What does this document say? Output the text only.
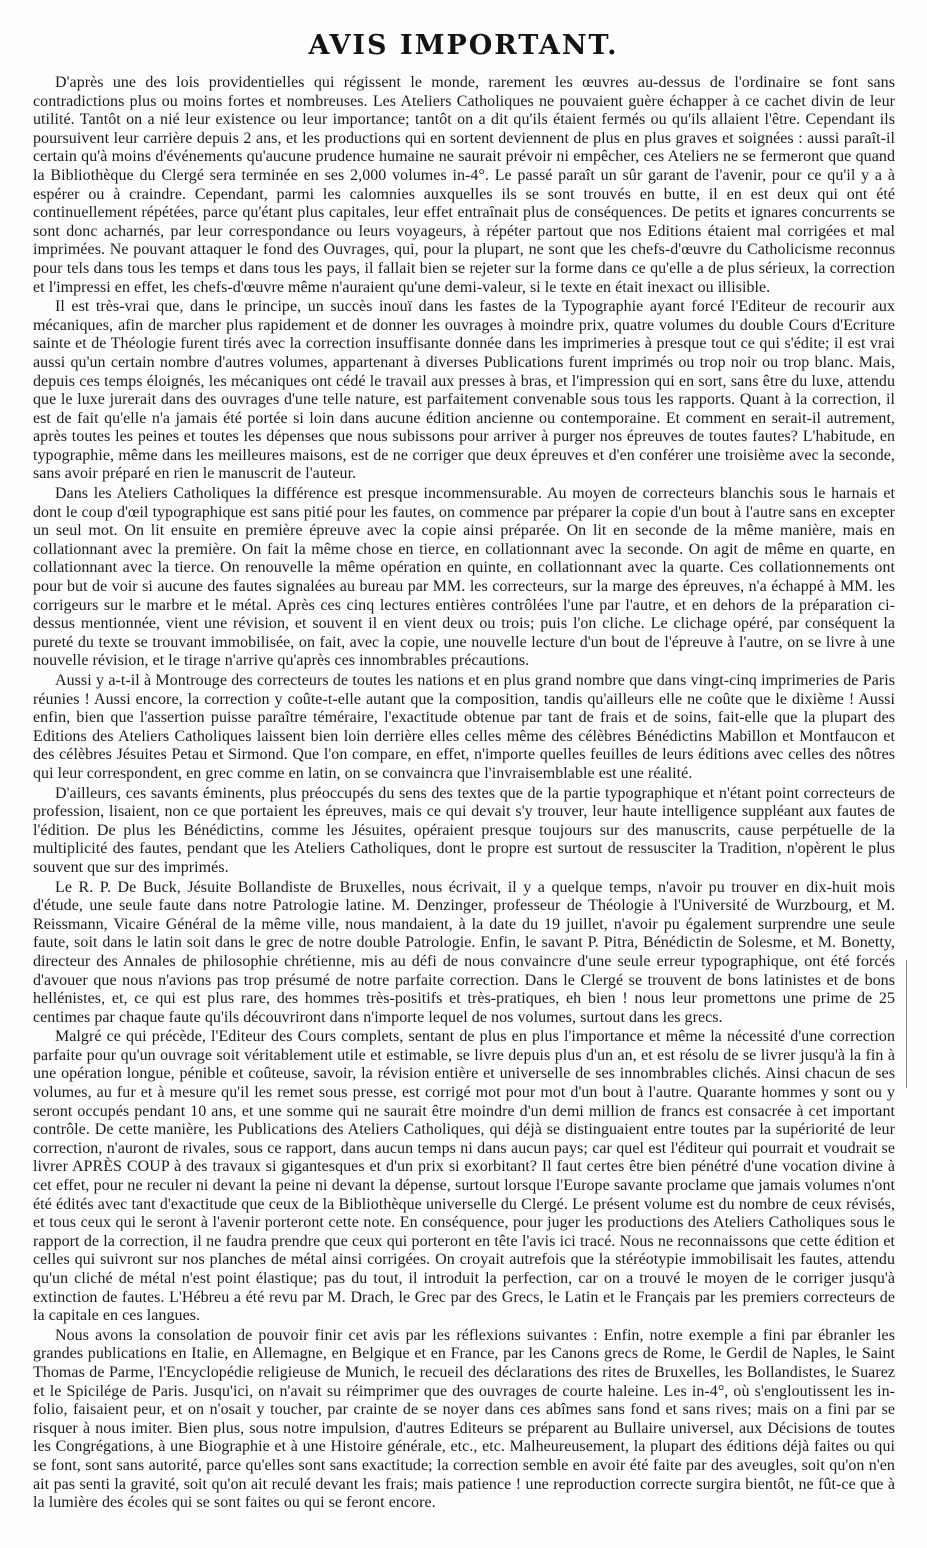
AVIS IMPORTANT.

D'après une des lois providentielles qui régissent le monde, rarement les œuvres au-dessus de l'ordinaire se font sans contradictions plus ou moins fortes et nombreuses. Les Ateliers Catholiques ne pouvaient guère échapper à ce cachet divin de leur utilité. Tantôt on a nié leur existence ou leur importance; tantôt on a dit qu'ils étaient fermés ou qu'ils allaient l'être. Cependant ils poursuivent leur carrière depuis 2 ans, et les productions qui en sortent deviennent de plus en plus graves et soignées : aussi paraît-il certain qu'à moins d'événements qu'aucune prudence humaine ne saurait prévoir ni empêcher, ces Ateliers ne se fermeront que quand la Bibliothèque du Clergé sera terminée en ses 2,000 volumes in-4°. Le passé paraît un sûr garant de l'avenir, pour ce qu'il y a à espérer ou à craindre. Cependant, parmi les calomnies auxquelles ils se sont trouvés en butte, il en est deux qui ont été continuellement répétées, parce qu'étant plus capitales, leur effet entraînait plus de conséquences. De petits et ignares concurrents se sont donc acharnés, par leur correspondance ou leurs voyageurs, à répéter partout que nos Editions étaient mal corrigées et mal imprimées. Ne pouvant attaquer le fond des Ouvrages, qui, pour la plupart, ne sont que les chefs-d'œuvre du Catholicisme reconnus pour tels dans tous les temps et dans tous les pays, il fallait bien se rejeter sur la forme dans ce qu'elle a de plus sérieux, la correction et l'impressi en effet, les chefs-d'œuvre même n'auraient qu'une demi-valeur, si le texte en était inexact ou illisible.

Il est très-vrai que, dans le principe, un succès inouï dans les fastes de la Typographie ayant forcé l'Editeur de recourir aux mécaniques, afin de marcher plus rapidement et de donner les ouvrages à moindre prix, quatre volumes du double Cours d'Ecriture sainte et de Théologie furent tirés avec la correction insuffisante donnée dans les imprimeries à presque tout ce qui s'édite; il est vrai aussi qu'un certain nombre d'autres volumes, appartenant à diverses Publications furent imprimés ou trop noir ou trop blanc. Mais, depuis ces temps éloignés, les mécaniques ont cédé le travail aux presses à bras, et l'impression qui en sort, sans être du luxe, attendu que le luxe jurerait dans des ouvrages d'une telle nature, est parfaitement convenable sous tous les rapports. Quant à la correction, il est de fait qu'elle n'a jamais été portée si loin dans aucune édition ancienne ou contemporaine. Et comment en serait-il autrement, après toutes les peines et toutes les dépenses que nous subissons pour arriver à purger nos épreuves de toutes fautes? L'habitude, en typographie, même dans les meilleures maisons, est de ne corriger que deux épreuves et d'en conférer une troisième avec la seconde, sans avoir préparé en rien le manuscrit de l'auteur.

Dans les Ateliers Catholiques la différence est presque incommensurable. Au moyen de correcteurs blanchis sous le harnais et dont le coup d'œil typographique est sans pitié pour les fautes, on commence par préparer la copie d'un bout à l'autre sans en excepter un seul mot. On lit ensuite en première épreuve avec la copie ainsi préparée. On lit en seconde de la même manière, mais en collationnant avec la première. On fait la même chose en tierce, en collationnant avec la seconde. On agit de même en quarte, en collationnant avec la tierce. On renouvelle la même opération en quinte, en collationnant avec la quarte. Ces collationnements ont pour but de voir si aucune des fautes signalées au bureau par MM. les correcteurs, sur la marge des épreuves, n'a échappé à MM. les corrigeurs sur le marbre et le métal. Après ces cinq lectures entières contrôlées l'une par l'autre, et en dehors de la préparation ci-dessus mentionnée, vient une révision, et souvent il en vient deux ou trois; puis l'on cliche. Le clichage opéré, par conséquent la pureté du texte se trouvant immobilisée, on fait, avec la copie, une nouvelle lecture d'un bout de l'épreuve à l'autre, on se livre à une nouvelle révision, et le tirage n'arrive qu'après ces innombrables précautions.

Aussi y a-t-il à Montrouge des correcteurs de toutes les nations et en plus grand nombre que dans vingt-cinq imprimeries de Paris réunies ! Aussi encore, la correction y coûte-t-elle autant que la composition, tandis qu'ailleurs elle ne coûte que le dixième ! Aussi enfin, bien que l'assertion puisse paraître téméraire, l'exactitude obtenue par tant de frais et de soins, fait-elle que la plupart des Editions des Ateliers Catholiques laissent bien loin derrière elles celles même des célèbres Bénédictins Mabillon et Montfaucon et des célèbres Jésuites Petau et Sirmond. Que l'on compare, en effet, n'importe quelles feuilles de leurs éditions avec celles des nôtres qui leur correspondent, en grec comme en latin, on se convaincra que l'invraisemblable est une réalité.

D'ailleurs, ces savants éminents, plus préoccupés du sens des textes que de la partie typographique et n'étant point correcteurs de profession, lisaient, non ce que portaient les épreuves, mais ce qui devait s'y trouver, leur haute intelligence suppléant aux fautes de l'édition. De plus les Bénédictins, comme les Jésuites, opéraient presque toujours sur des manuscrits, cause perpétuelle de la multiplicité des fautes, pendant que les Ateliers Catholiques, dont le propre est surtout de ressusciter la Tradition, n'opèrent le plus souvent que sur des imprimés.

Le R. P. De Buck, Jésuite Bollandiste de Bruxelles, nous écrivait, il y a quelque temps, n'avoir pu trouver en dix-huit mois d'étude, une seule faute dans notre Patrologie latine. M. Denzinger, professeur de Théologie à l'Université de Wurzbourg, et M. Reissmann, Vicaire Général de la même ville, nous mandaient, à la date du 19 juillet, n'avoir pu également surprendre une seule faute, soit dans le latin soit dans le grec de notre double Patrologie. Enfin, le savant P. Pitra, Bénédictin de Solesme, et M. Bonetty, directeur des Annales de philosophie chrétienne, mis au défi de nous convaincre d'une seule erreur typographique, ont été forcés d'avouer que nous n'avions pas trop présumé de notre parfaite correction. Dans le Clergé se trouvent de bons latinistes et de bons hellénistes, et, ce qui est plus rare, des hommes très-positifs et très-pratiques, eh bien ! nous leur promettons une prime de 25 centimes par chaque faute qu'ils découvriront dans n'importe lequel de nos volumes, surtout dans les grecs.

Malgré ce qui précède, l'Editeur des Cours complets, sentant de plus en plus l'importance et même la nécessité d'une correction parfaite pour qu'un ouvrage soit véritablement utile et estimable, se livre depuis plus d'un an, et est résolu de se livrer jusqu'à la fin à une opération longue, pénible et coûteuse, savoir, la révision entière et universelle de ses innombrables clichés. Ainsi chacun de ses volumes, au fur et à mesure qu'il les remet sous presse, est corrigé mot pour mot d'un bout à l'autre. Quarante hommes y sont ou y seront occupés pendant 10 ans, et une somme qui ne saurait être moindre d'un demi million de francs est consacrée à cet important contrôle. De cette manière, les Publications des Ateliers Catholiques, qui déjà se distinguaient entre toutes par la supériorité de leur correction, n'auront de rivales, sous ce rapport, dans aucun temps ni dans aucun pays; car quel est l'éditeur qui pourrait et voudrait se livrer APRÈS COUP à des travaux si gigantesques et d'un prix si exorbitant? Il faut certes être bien pénétré d'une vocation divine à cet effet, pour ne reculer ni devant la peine ni devant la dépense, surtout lorsque l'Europe savante proclame que jamais volumes n'ont été édités avec tant d'exactitude que ceux de la Bibliothèque universelle du Clergé. Le présent volume est du nombre de ceux révisés, et tous ceux qui le seront à l'avenir porteront cette note. En conséquence, pour juger les productions des Ateliers Catholiques sous le rapport de la correction, il ne faudra prendre que ceux qui porteront en tête l'avis ici tracé. Nous ne reconnaissons que cette édition et celles qui suivront sur nos planches de métal ainsi corrigées. On croyait autrefois que la stéréotypie immobilisait les fautes, attendu qu'un cliché de métal n'est point élastique; pas du tout, il introduit la perfection, car on a trouvé le moyen de le corriger jusqu'à extinction de fautes. L'Hébreu a été revu par M. Drach, le Grec par des Grecs, le Latin et le Français par les premiers correcteurs de la capitale en ces langues.

Nous avons la consolation de pouvoir finir cet avis par les réflexions suivantes : Enfin, notre exemple a fini par ébranler les grandes publications en Italie, en Allemagne, en Belgique et en France, par les Canons grecs de Rome, le Gerdil de Naples, le Saint Thomas de Parme, l'Encyclopédie religieuse de Munich, le recueil des déclarations des rites de Bruxelles, les Bollandistes, le Suarez et le Spicilége de Paris. Jusqu'ici, on n'avait su réimprimer que des ouvrages de courte haleine. Les in-4°, où s'engloutissent les in-folio, faisaient peur, et on n'osait y toucher, par crainte de se noyer dans ces abîmes sans fond et sans rives; mais on a fini par se risquer à nous imiter. Bien plus, sous notre impulsion, d'autres Editeurs se préparent au Bullaire universel, aux Décisions de toutes les Congrégations, à une Biographie et à une Histoire générale, etc., etc. Malheureusement, la plupart des éditions déjà faites ou qui se font, sont sans autorité, parce qu'elles sont sans exactitude; la correction semble en avoir été faite par des aveugles, soit qu'on n'en ait pas senti la gravité, soit qu'on ait reculé devant les frais; mais patience ! une reproduction correcte surgira bientôt, ne fût-ce que à la lumière des écoles qui se sont faites ou qui se feront encore.
